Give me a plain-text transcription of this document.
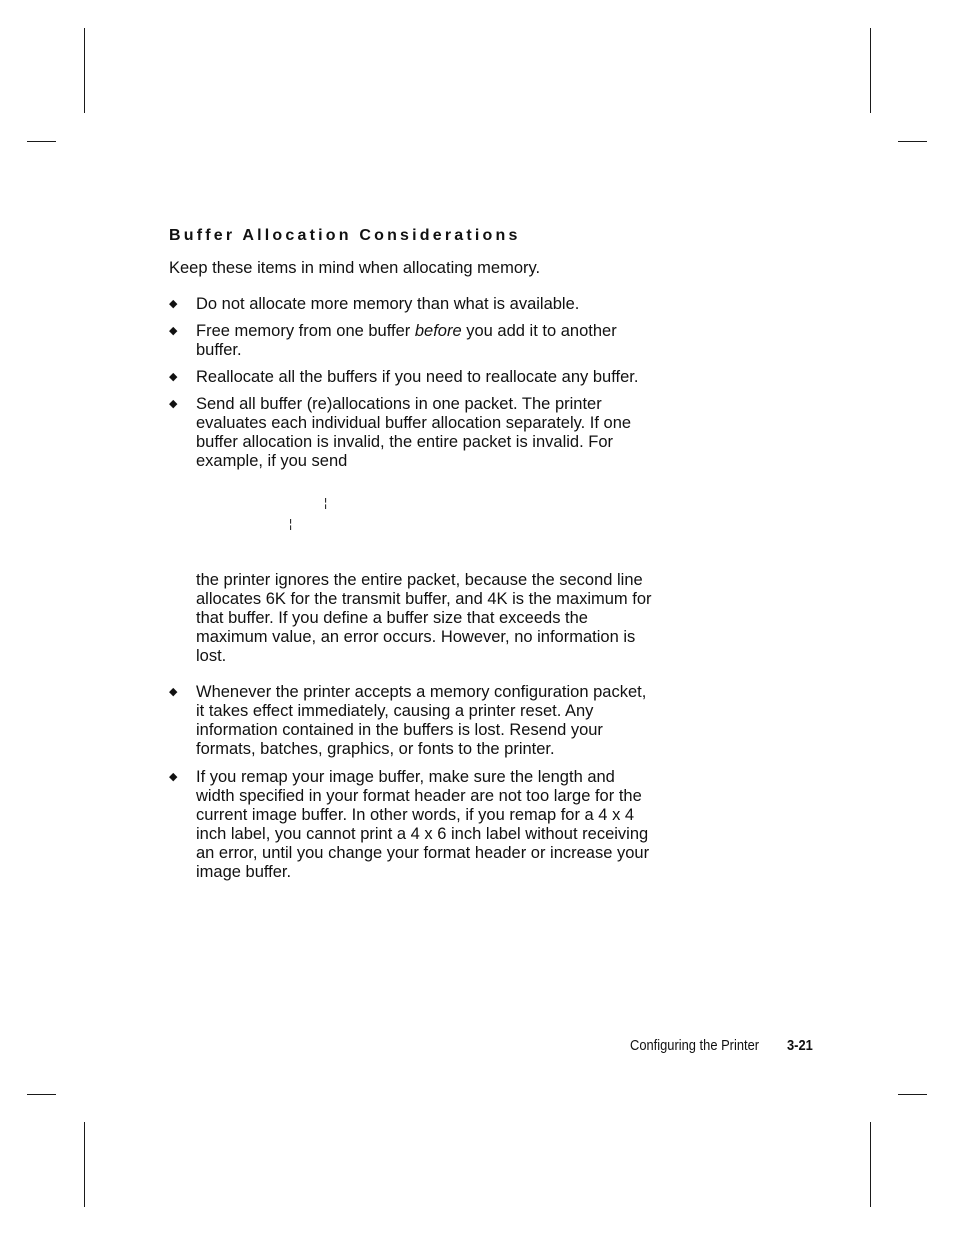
Buffer Allocation Considerations
Keep these items in mind when allocating memory.
◆ Do not allocate more memory than what is available.
◆ Free memory from one buffer before you add it to another
buffer.
◆ Reallocate all the buffers if you need to reallocate any buffer.
◆ Send all buffer (re)allocations in one packet. The printer
evaluates each individual buffer allocation separately. If one
buffer allocation is invalid, the entire packet is invalid. For
example, if you send
¦
¦
the printer ignores the entire packet, because the second line
allocates 6K for the transmit buffer, and 4K is the maximum for
that buffer. If you define a buffer size that exceeds the
maximum value, an error occurs. However, no information is
lost.
◆ Whenever the printer accepts a memory configuration packet,
it takes effect immediately, causing a printer reset. Any
information contained in the buffers is lost. Resend your
formats, batches, graphics, or fonts to the printer.
◆ If you remap your image buffer, make sure the length and
width specified in your format header are not too large for the
current image buffer. In other words, if you remap for a 4 x 4
inch label, you cannot print a 4 x 6 inch label without receiving
an error, until you change your format header or increase your
image buffer.
Configuring the Printer 3-21
